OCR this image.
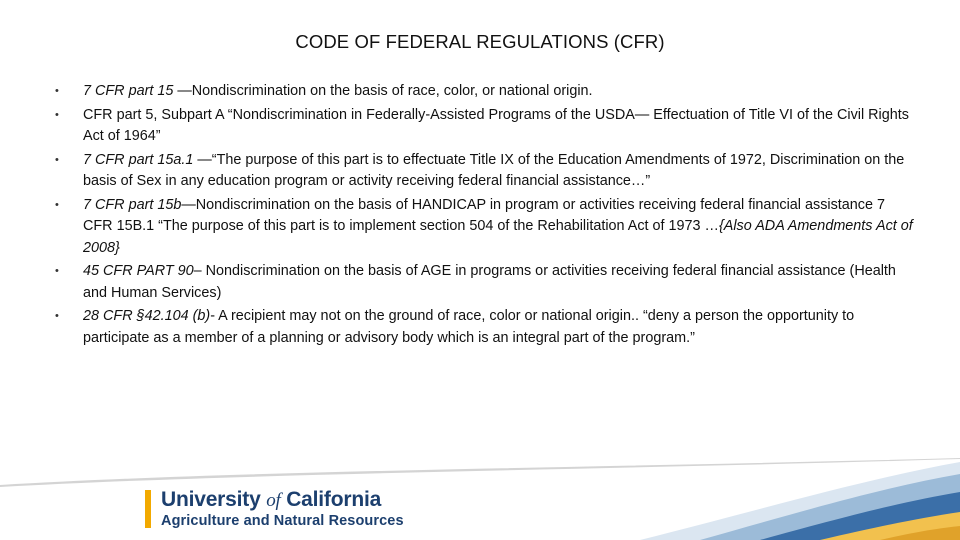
CODE OF FEDERAL REGULATIONS (CFR)
• 7 CFR part 15 —Nondiscrimination on the basis of race, color, or national origin.
• CFR part 5, Subpart A “Nondiscrimination in Federally-Assisted Programs of the USDA— Effectuation of Title VI of the Civil Rights Act of 1964”
• 7 CFR part 15a.1 —“The purpose of this part is to effectuate Title IX of the Education Amendments of 1972, Discrimination on the basis of Sex in any education program or activity receiving federal financial assistance…”
• 7 CFR part 15b—Nondiscrimination on the basis of HANDICAP in program or activities receiving federal financial assistance 7 CFR 15B.1 “The purpose of this part is to implement section 504 of the Rehabilitation Act of 1973 …{Also ADA Amendments Act of 2008}
• 45 CFR PART 90– Nondiscrimination on the basis of AGE in programs or activities receiving federal financial assistance (Health and Human Services)
• 28 CFR §42.104 (b)- A recipient may not on the ground of race, color or national origin.. “deny a person the opportunity to participate as a member of a planning or advisory body which is an integral part of the program.”
University of California
Agriculture and Natural Resources
